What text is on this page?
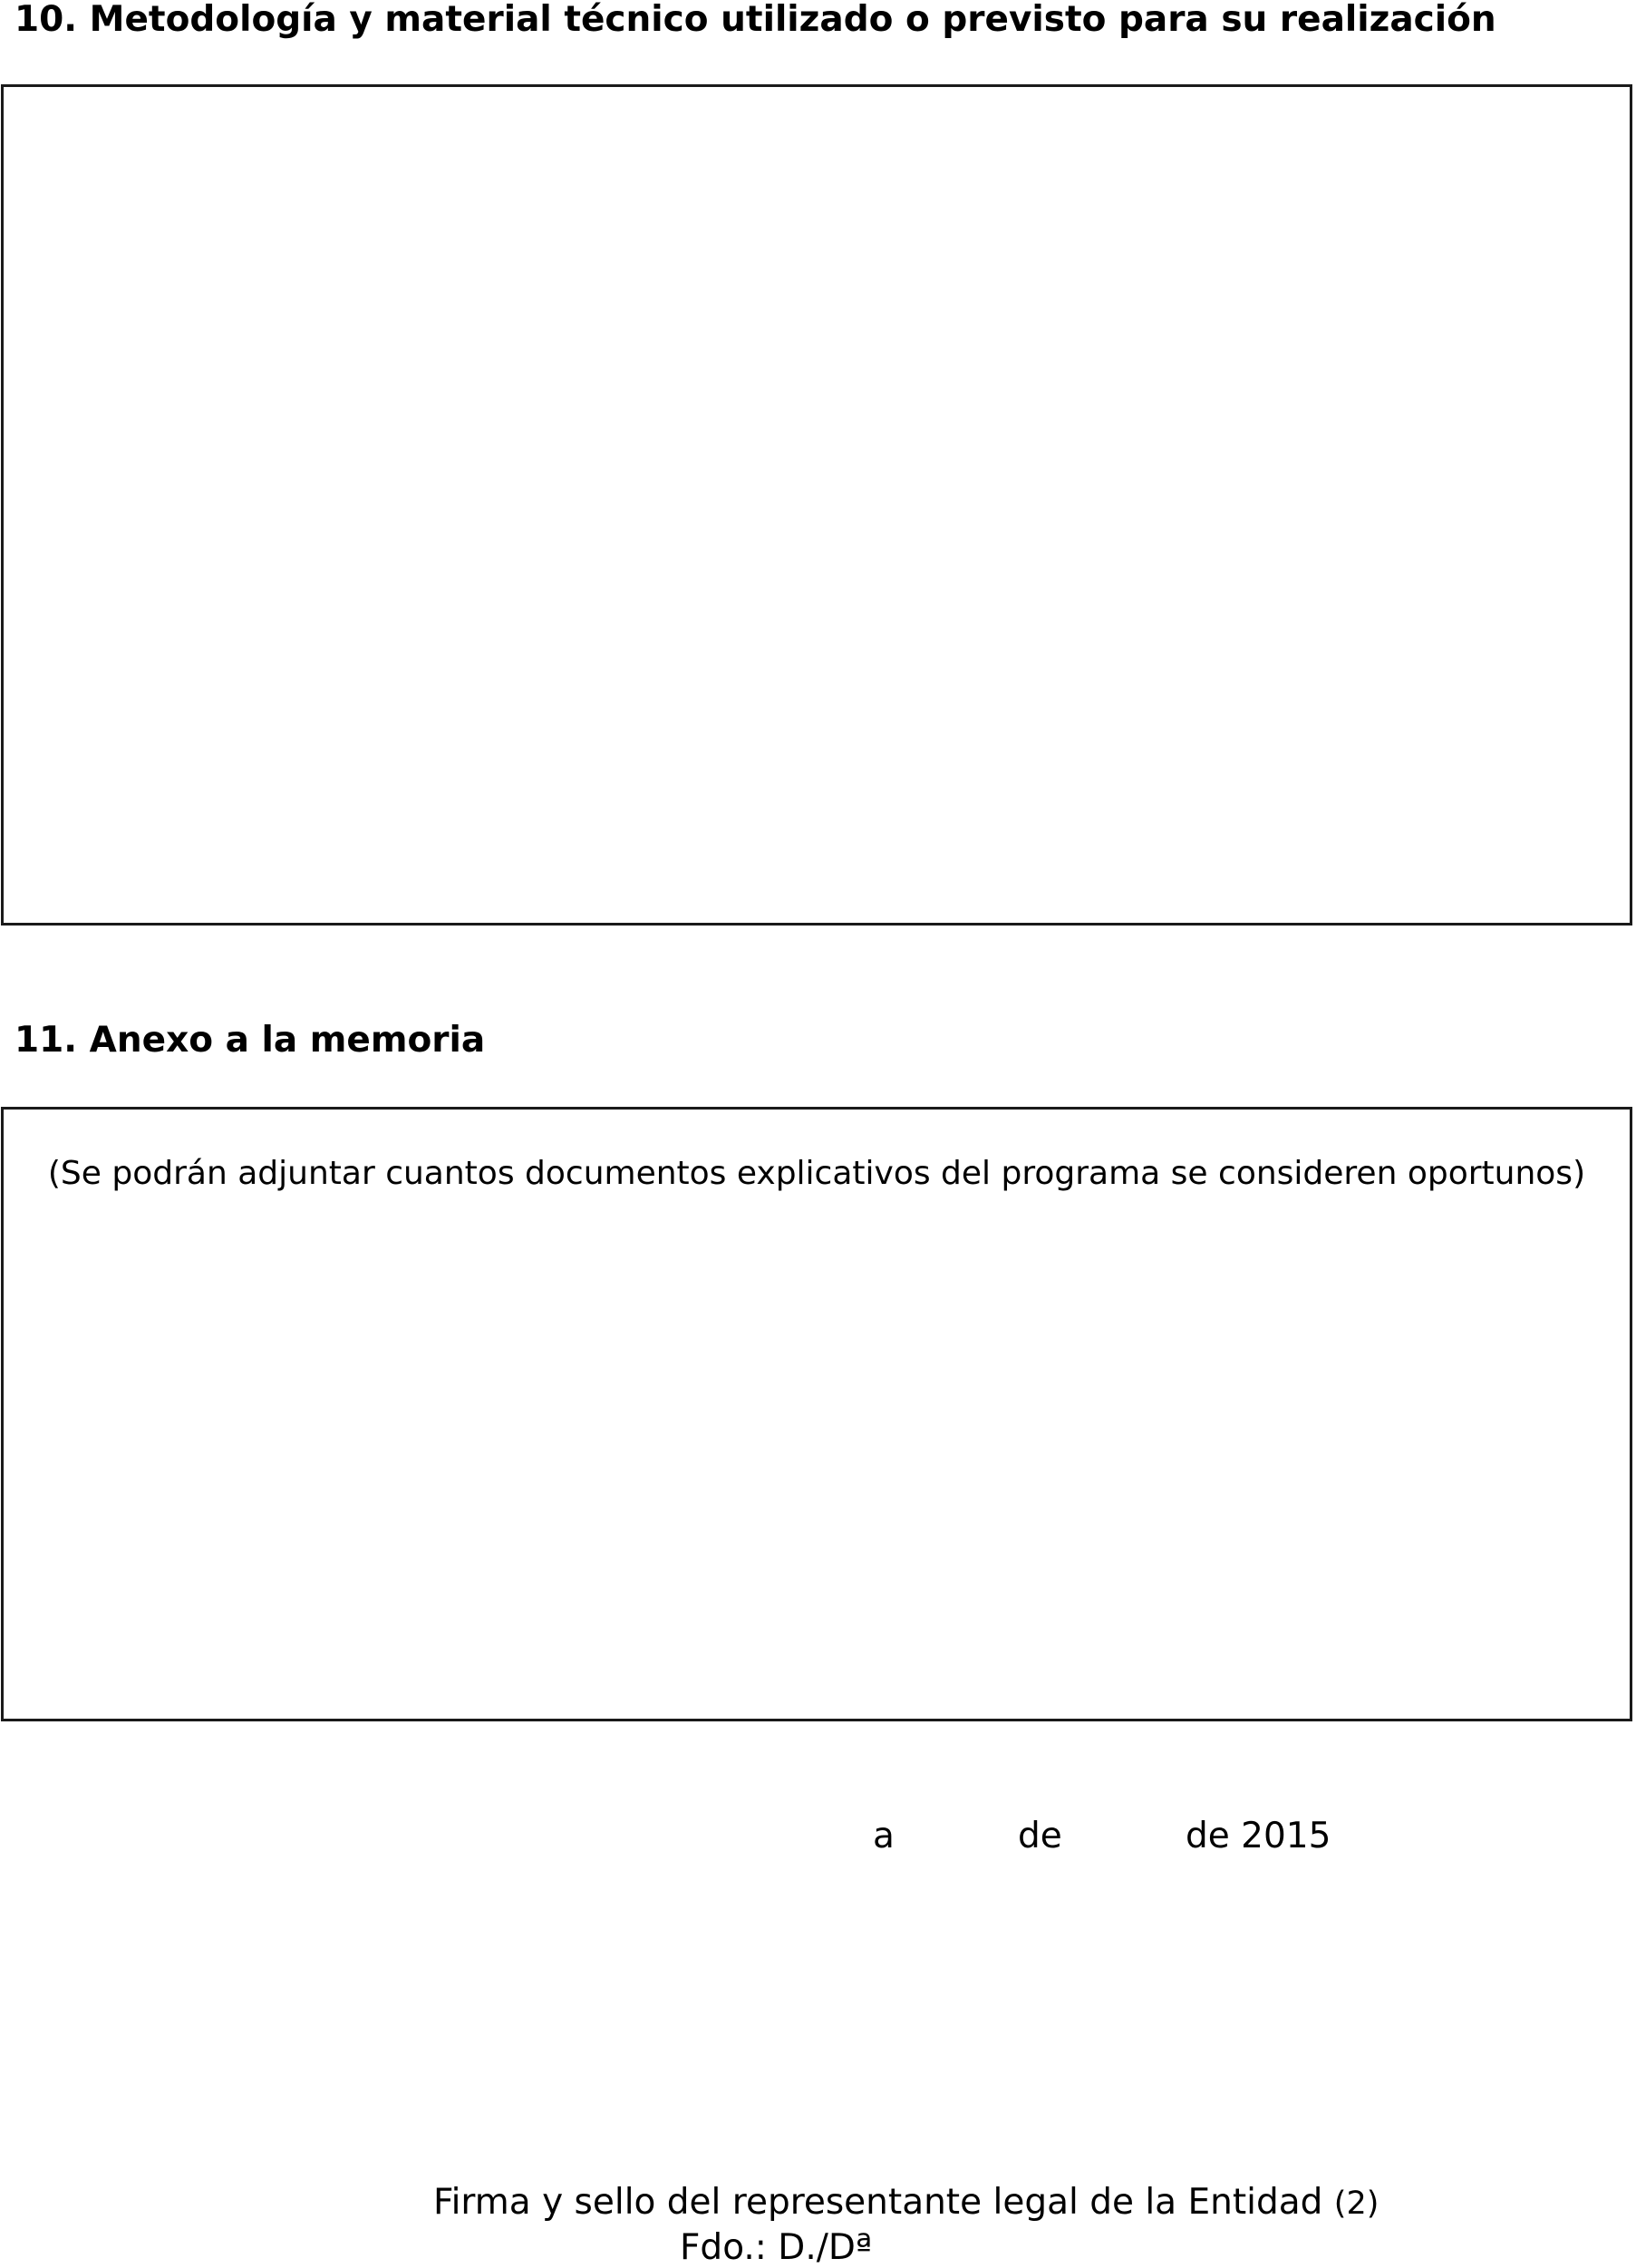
10. Metodología y material técnico utilizado o previsto para su realización
11. Anexo a la memoria
(Se podrán adjuntar cuantos documentos explicativos del programa se consideren oportunos)
a	de	de 2015
Firma y sello del representante legal de la Entidad (2)
Fdo.: D./Dª
